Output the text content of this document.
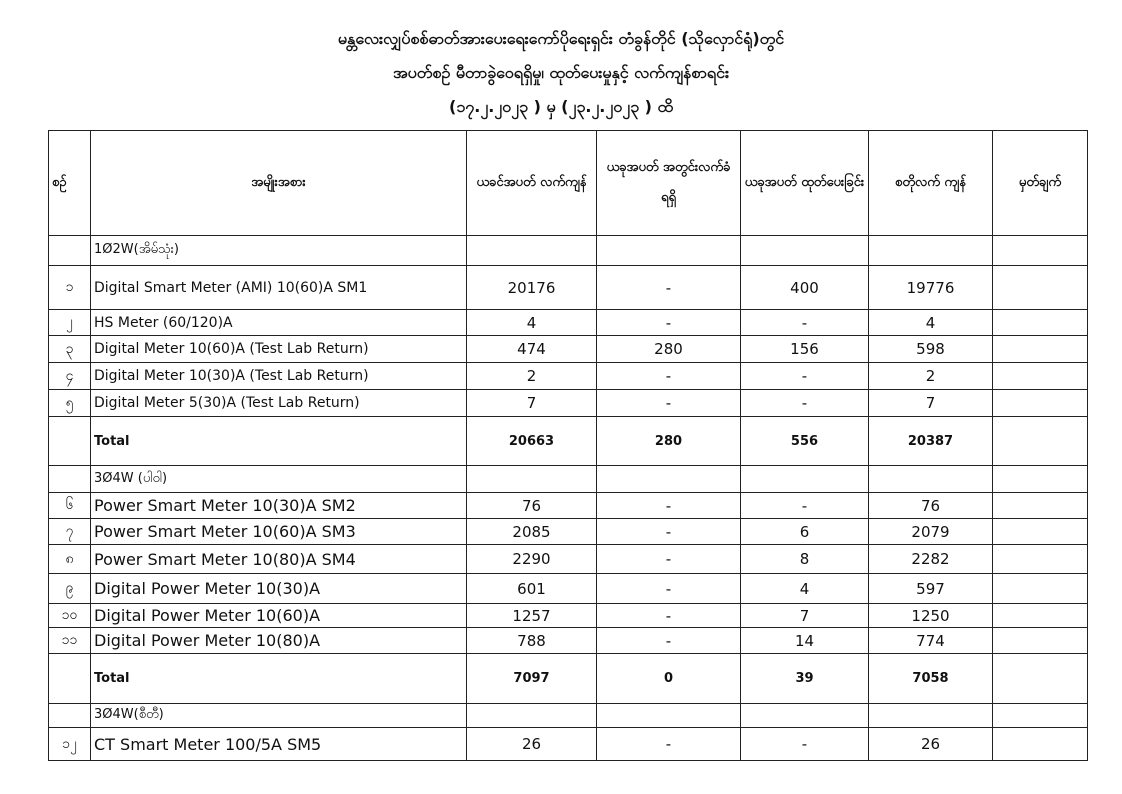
မန္တလေးလျှပ်စစ်ဓာတ်အားပေးရေးကော်ပိုရေးရှင်း တံခွန်တိုင် (သိုလှောင်ရုံ)တွင်
အပတ်စဉ် မီတာခွဲဝေရရှိမှု၊ ထုတ်ပေးမှုနှင့် လက်ကျန်စာရင်း
(၁၇.၂.၂၀၂၃ ) မှ (၂၃.၂.၂၀၂၃ ) ထိ
စဉ်	အမျိုးအစား	ယခင်အပတ် လက်ကျန်	ယခုအပတ် အတွင်းလက်ခံ ရရှိ	ယခုအပတ် ထုတ်ပေးခြင်း	စတိုလက် ကျန်	မှတ်ချက်
	1Ø2W(အိမ်သုံး)					
၁	Digital Smart Meter (AMI) 10(60)A SM1	20176	-	400	19776	
၂	HS Meter (60/120)A	4	-	-	4	
၃	Digital Meter 10(60)A (Test Lab Return)	474	280	156	598	
၄	Digital Meter 10(30)A (Test Lab Return)	2	-	-	2	
၅	Digital Meter 5(30)A (Test Lab Return)	7	-	-	7	
	Total	20663	280	556	20387	
	3Ø4W (ပါဝါ)					
၆	Power Smart Meter 10(30)A SM2	76	-	-	76	
၇	Power Smart Meter 10(60)A SM3	2085	-	6	2079	
၈	Power Smart Meter 10(80)A SM4	2290	-	8	2282	
၉	Digital Power Meter 10(30)A	601	-	4	597	
၁၀	Digital Power Meter 10(60)A	1257	-	7	1250	
၁၁	Digital Power Meter 10(80)A	788	-	14	774	
	Total	7097	0	39	7058	
	3Ø4W(စီတီ)					
၁၂	CT Smart Meter 100/5A SM5	26	-	-	26	
